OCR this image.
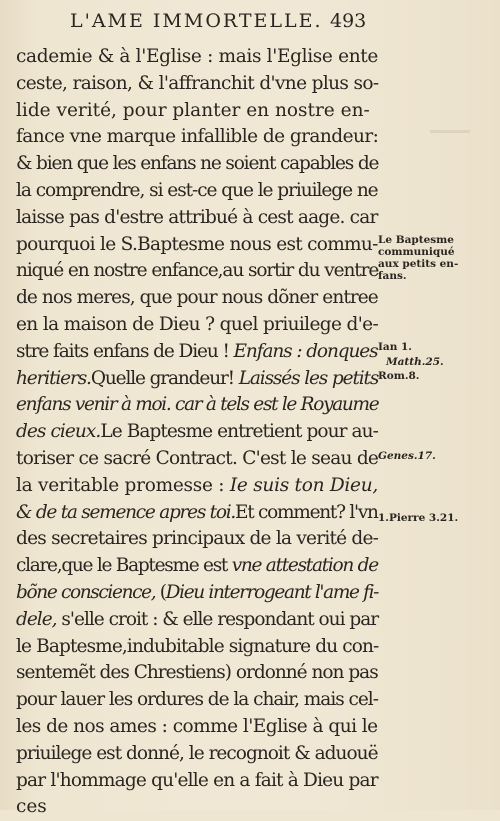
L'AME IMMORTELLE. 493
cademie & à l'Eglise : mais l'Eglise ente
ceste, raison, & l'affranchit d'vne plus so-
lide verité, pour planter en nostre en-
fance vne marque infallible de grandeur:
& bien que les enfans ne soient capables de
la comprendre, si est-ce que le priuilege ne
laisse pas d'estre attribué à cest aage. car
pourquoi le S.Baptesme nous est commu-
niqué en nostre enfance,au sortir du ventre
de nos meres, que pour nous dõner entree
en la maison de Dieu ? quel priuilege d'e-
stre faits enfans de Dieu ! Enfans : donques
heritiers.Quelle grandeur! Laissés les petits
enfans venir à moi. car à tels est le Royaume
des cieux.Le Baptesme entretient pour au-
toriser ce sacré Contract. C'est le seau de
la veritable promesse : Ie suis ton Dieu,
& de ta semence apres toi.Et comment? l'vn
des secretaires principaux de la verité de-
clare,que le Baptesme est vne attestation de
bõne conscience, (Dieu interrogeant l'ame fi-
dele, s'elle croit : & elle respondant oui par
le Baptesme,indubitable signature du con-
sentemẽt des Chrestiens) ordonné non pas
pour lauer les ordures de la chair, mais cel-
les de nos ames : comme l'Eglise à qui le
priuilege est donné, le recognoit & aduouë
par l'hommage qu'elle en a fait à Dieu par
ces
Le Baptesme
communiqué
aux petits en-
fans.
Ian 1.
Matth.25.
Rom.8.
Genes.17.
1.Pierre 3.21.
